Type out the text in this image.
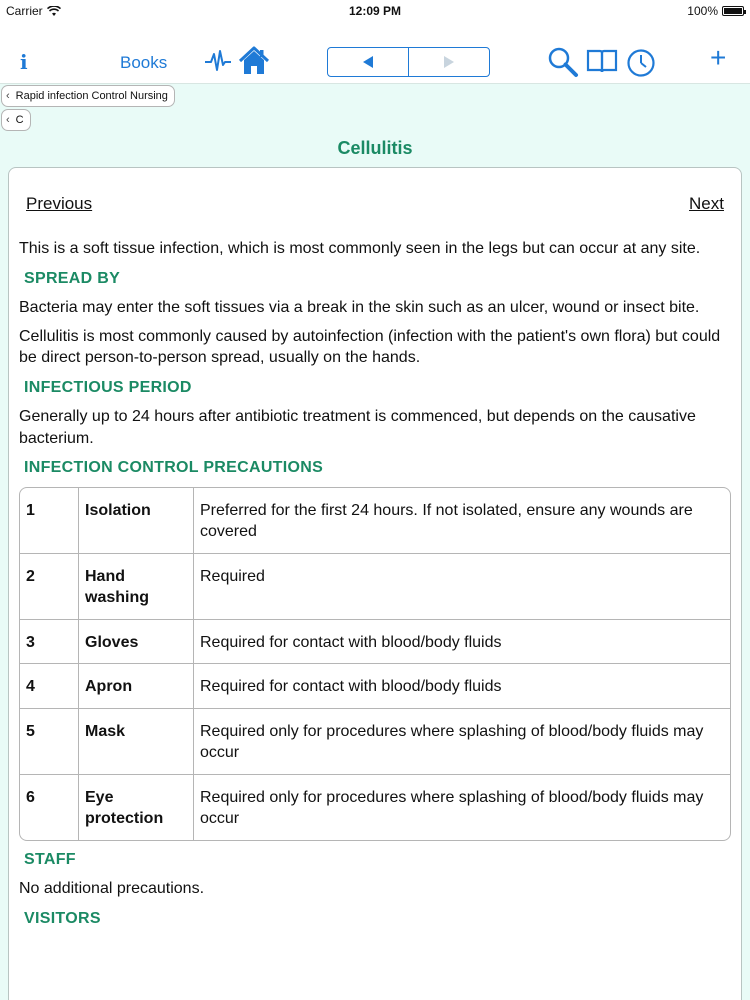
Carrier	12:09 PM	100%
i	Books	+
‹ Rapid infection Control Nursing
‹ C
Cellulitis
Previous	Next

This is a soft tissue infection, which is most commonly seen in the legs but can occur at any site.

SPREAD BY

Bacteria may enter the soft tissues via a break in the skin such as an ulcer, wound or insect bite.

Cellulitis is most commonly caused by autoinfection (infection with the patient's own flora) but could be direct person-to-person spread, usually on the hands.

INFECTIOUS PERIOD

Generally up to 24 hours after antibiotic treatment is commenced, but depends on the causative bacterium.

INFECTION CONTROL PRECAUTIONS
1	Isolation	Preferred for the first 24 hours. If not isolated, ensure any wounds are covered
2	Hand washing	Required
3	Gloves	Required for contact with blood/body fluids
4	Apron	Required for contact with blood/body fluids
5	Mask	Required only for procedures where splashing of blood/body fluids may occur
6	Eye protection	Required only for procedures where splashing of blood/body fluids may occur
STAFF

No additional precautions.

VISITORS
